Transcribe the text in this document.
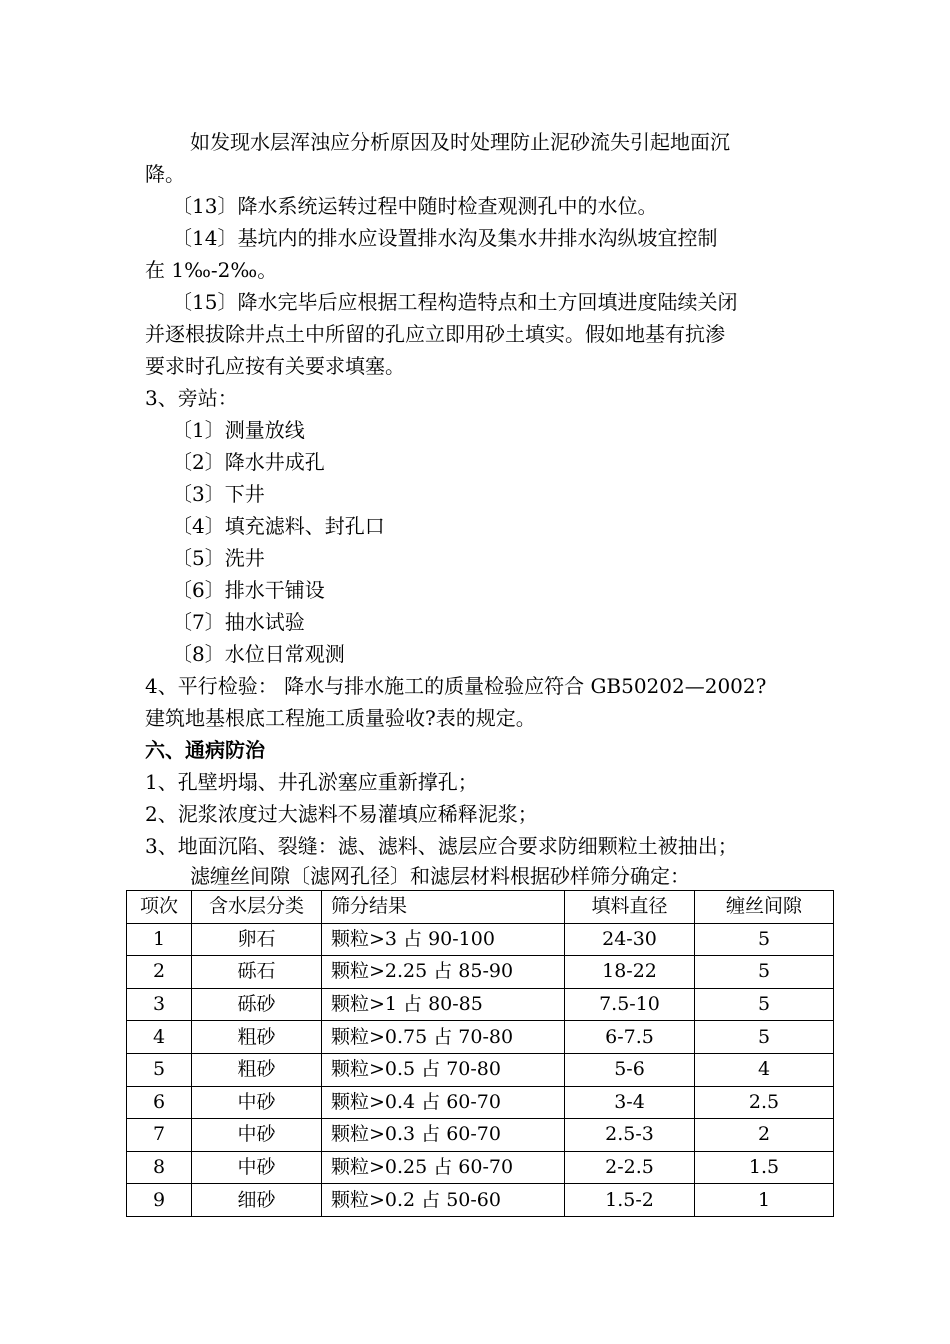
如发现水层浑浊应分析原因及时处理防止泥砂流失引起地面沉
降。
〔13〕降水系统运转过程中随时检查观测孔中的水位。
〔14〕基坑内的排水应设置排水沟及集水井排水沟纵坡宜控制
在 1‰-2‰。
〔15〕降水完毕后应根据工程构造特点和土方回填进度陆续关闭
并逐根拔除井点土中所留的孔应立即用砂土填实。假如地基有抗渗
要求时孔应按有关要求填塞。
3、旁站：
〔1〕测量放线
〔2〕降水井成孔
〔3〕下井
〔4〕填充滤料、封孔口
〔5〕洗井
〔6〕排水干铺设
〔7〕抽水试验
〔8〕水位日常观测
4、平行检验： 降水与排水施工的质量检验应符合 GB50202—2002?
建筑地基根底工程施工质量验收?表的规定。
六、通病防治
1、孔壁坍塌、井孔淤塞应重新撑孔；
2、泥浆浓度过大滤料不易灌填应稀释泥浆；
3、地面沉陷、裂缝：滤、滤料、滤层应合要求防细颗粒土被抽出；
滤缠丝间隙〔滤网孔径〕和滤层材料根据砂样筛分确定：
项次	含水层分类	筛分结果	填料直径	缠丝间隙
1	卵石	颗粒>3 占 90-100	24-30	5
2	砾石	颗粒>2.25 占 85-90	18-22	5
3	砾砂	颗粒>1 占 80-85	7.5-10	5
4	粗砂	颗粒>0.75 占 70-80	6-7.5	5
5	粗砂	颗粒>0.5 占 70-80	5-6	4
6	中砂	颗粒>0.4 占 60-70	3-4	2.5
7	中砂	颗粒>0.3 占 60-70	2.5-3	2
8	中砂	颗粒>0.25 占 60-70	2-2.5	1.5
9	细砂	颗粒>0.2 占 50-60	1.5-2	1
